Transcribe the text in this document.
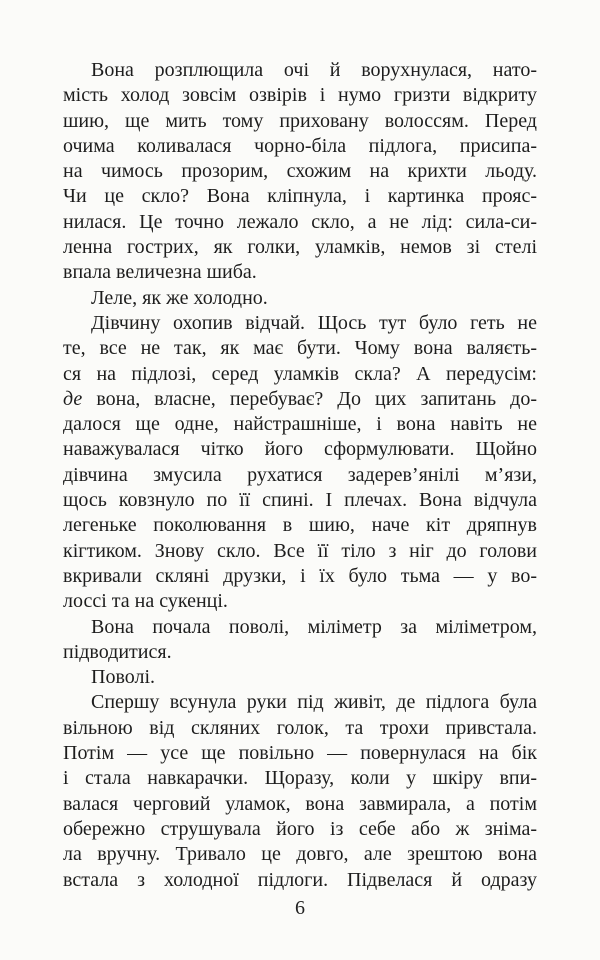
Вона розплющила очі й ворухнулася, нато-
мість холод зовсім озвірів і нумо гризти відкриту
шию, ще мить тому приховану волоссям. Перед
очима коливалася чорно-біла підлога, присипа-
на чимось прозорим, схожим на крихти льоду.
Чи це скло? Вона кліпнула, і картинка прояс-
нилася. Це точно лежало скло, а не лід: сила-си-
ленна гострих, як голки, уламків, немов зі стелі
впала величезна шиба.
Леле, як же холодно.
Дівчину охопив відчай. Щось тут було геть не
те, все не так, як має бути. Чому вона валяєть-
ся на підлозі, серед уламків скла? А передусім:
де вона, власне, перебуває? До цих запитань до-
далося ще одне, найстрашніше, і вона навіть не
наважувалася чітко його сформулювати. Щойно
дівчина змусила рухатися задерев’янілі м’язи,
щось ковзнуло по її спині. І плечах. Вона відчула
легеньке поколювання в шию, наче кіт дряпнув
кігтиком. Знову скло. Все її тіло з ніг до голови
вкривали скляні друзки, і їх було тьма — у во-
лоссі та на сукенці.
Вона почала поволі, міліметр за міліметром,
підводитися.
Поволі.
Спершу всунула руки під живіт, де підлога була
вільною від скляних голок, та трохи привстала.
Потім — усе ще повільно — повернулася на бік
і стала навкарачки. Щоразу, коли у шкіру впи-
валася черговий уламок, вона завмирала, а потім
обережно струшувала його із себе або ж зніма-
ла вручну. Тривало це довго, але зрештою вона
встала з холодної підлоги. Підвелася й одразу
6
